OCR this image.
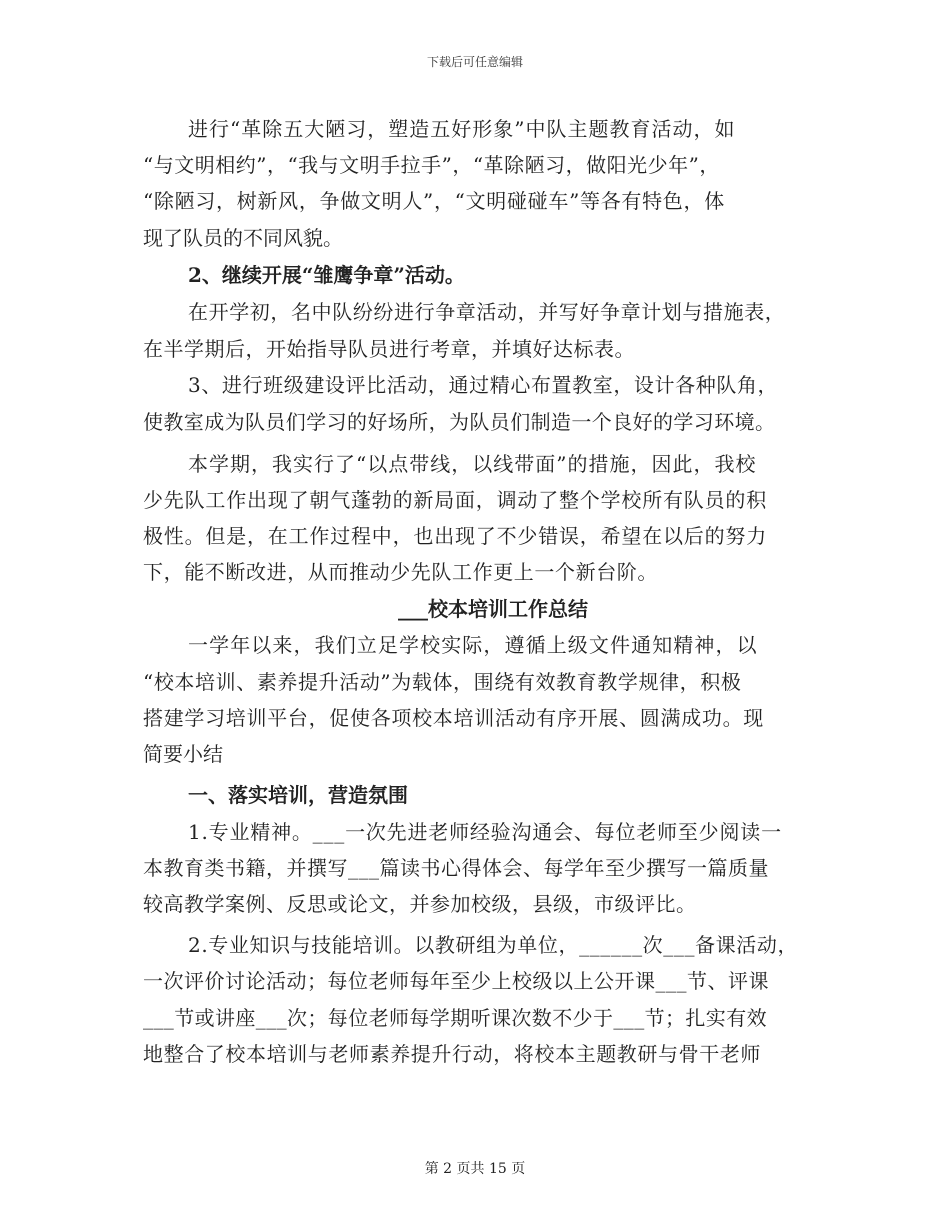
下载后可任意编辑
进行“革除五大陋习，塑造五好形象”中队主题教育活动，如
“与文明相约”，“我与文明手拉手”，“革除陋习，做阳光少年”，
“除陋习，树新风，争做文明人”，“文明碰碰车”等各有特色，体
现了队员的不同风貌。
2、继续开展“雏鹰争章”活动。
在开学初，名中队纷纷进行争章活动，并写好争章计划与措施表，
在半学期后，开始指导队员进行考章，并填好达标表。
3、进行班级建设评比活动，通过精心布置教室，设计各种队角，
使教室成为队员们学习的好场所，为队员们制造一个良好的学习环境。
本学期，我实行了“以点带线，以线带面”的措施，因此，我校
少先队工作出现了朝气蓬勃的新局面，调动了整个学校所有队员的积
极性。但是，在工作过程中，也出现了不少错误，希望在以后的努力
下，能不断改进，从而推动少先队工作更上一个新台阶。
___校本培训工作总结
一学年以来，我们立足学校实际，遵循上级文件通知精神，以
“校本培训、素养提升活动”为载体，围绕有效教育教学规律，积极
搭建学习培训平台，促使各项校本培训活动有序开展、圆满成功。现
简要小结
一、落实培训，营造氛围
1.专业精神。___一次先进老师经验沟通会、每位老师至少阅读一
本教育类书籍，并撰写___篇读书心得体会、每学年至少撰写一篇质量
较高教学案例、反思或论文，并参加校级，县级，市级评比。
2.专业知识与技能培训。以教研组为单位，______次___备课活动，
一次评价讨论活动；每位老师每年至少上校级以上公开课___节、评课
___节或讲座___次；每位老师每学期听课次数不少于___节；扎实有效
地整合了校本培训与老师素养提升行动，将校本主题教研与骨干老师
第 2 页共 15 页
